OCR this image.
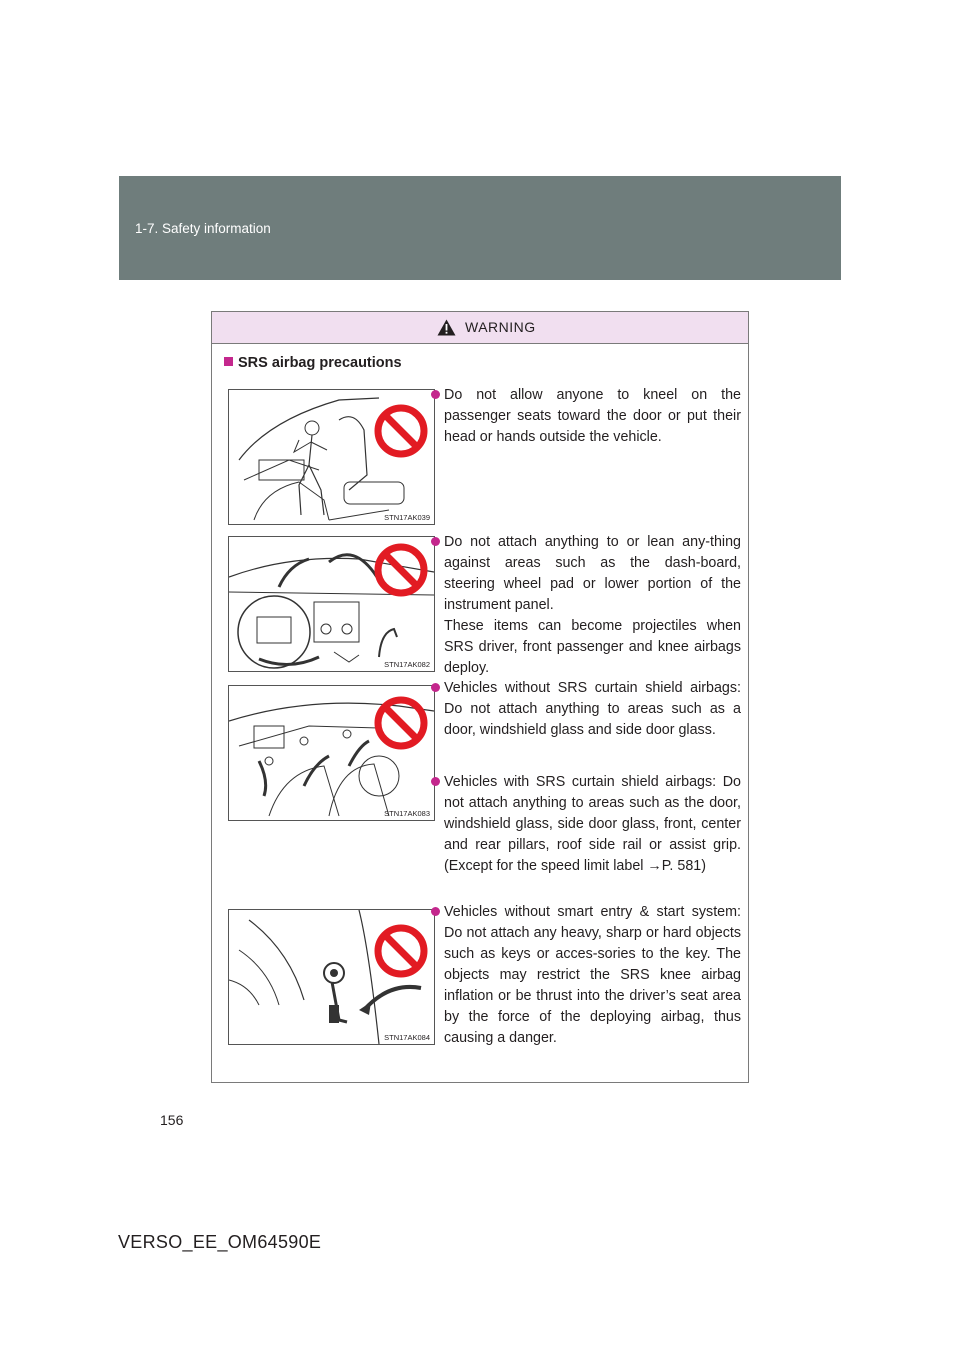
1-7. Safety information
WARNING
SRS airbag precautions
STN17AK039
STN17AK082
STN17AK083
STN17AK084

Do not allow anyone to kneel on the passenger seats toward the door or put their head or hands outside the vehicle.

Do not attach anything to or lean any-thing against areas such as the dash-board, steering wheel pad or lower portion of the instrument panel.

These items can become projectiles when SRS driver, front passenger and knee airbags deploy.

Vehicles without SRS curtain shield airbags: Do not attach anything to areas such as a door, windshield glass and side door glass.

Vehicles with SRS curtain shield airbags: Do not attach anything to areas such as the door, windshield glass, side door glass, front, center and rear pillars, roof side rail or assist grip. (Except for the speed limit label →P. 581)

Vehicles without smart entry & start system: Do not attach any heavy, sharp or hard objects such as keys or acces-sories to the key. The objects may restrict the SRS knee airbag inflation or be thrust into the driver’s seat area by the force of the deploying airbag, thus causing a danger.

156
VERSO_EE_OM64590E
